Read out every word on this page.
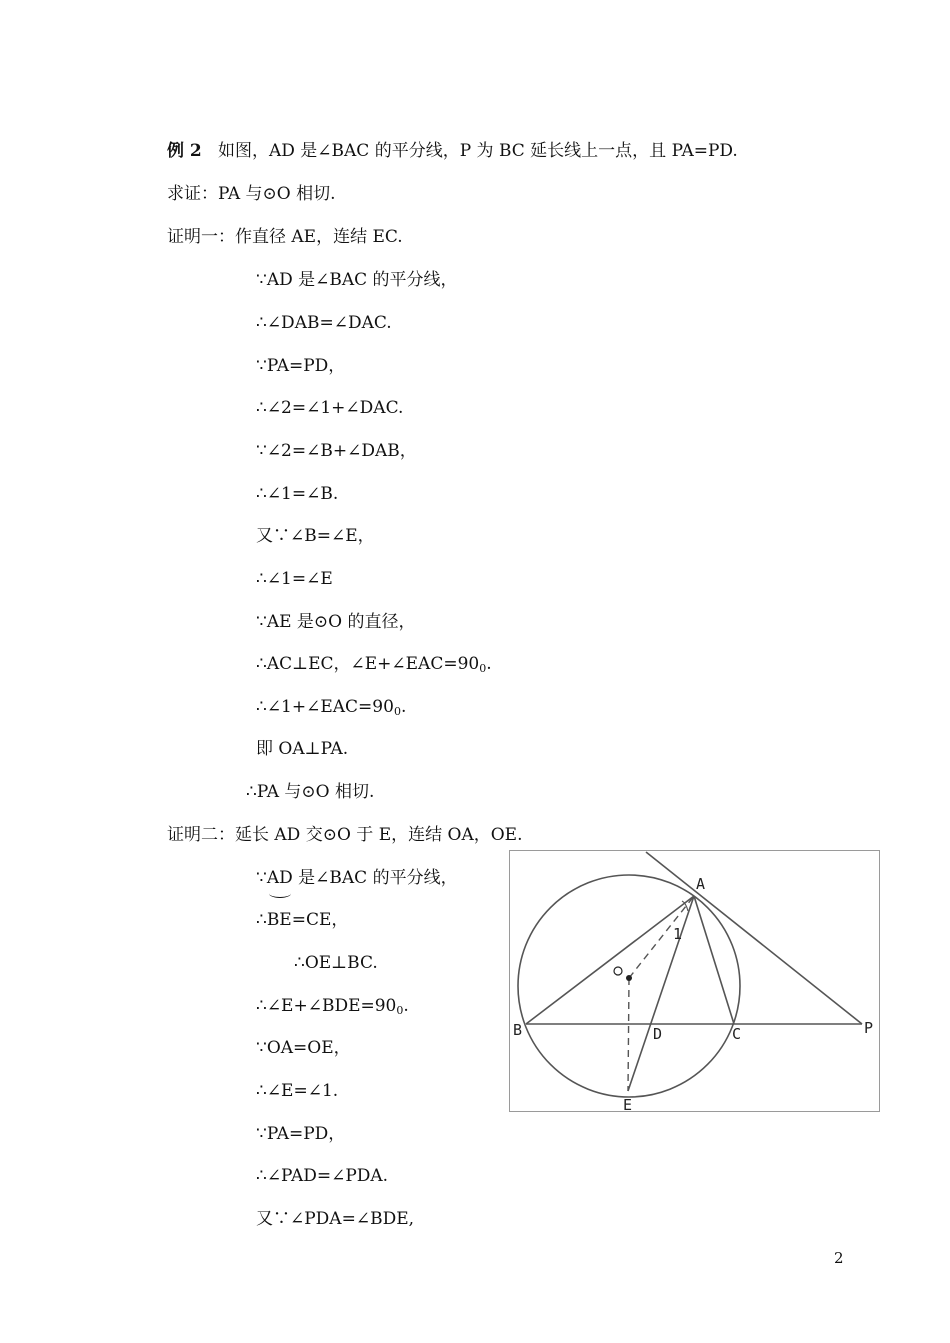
例 2 如图，AD 是∠BAC 的平分线，P 为 BC 延长线上一点，且 PA=PD.
求证：PA 与⊙O 相切.
证明一：作直径 AE，连结 EC.
∵AD 是∠BAC 的平分线，
∴∠DAB=∠DAC.
∵PA=PD，
∴∠2=∠1+∠DAC.
∵∠2=∠B+∠DAB，
∴∠1=∠B.
又∵∠B=∠E，
∴∠1=∠E
∵AE 是⊙O 的直径，
∴AC⊥EC，∠E+∠EAC=900.
∴∠1+∠EAC=900.
即 OA⊥PA.
∴PA 与⊙O 相切.
证明二：延长 AD 交⊙O 于 E，连结 OA，OE.
∵AD 是∠BAC 的平分线，
∴BE=CE，
∴OE⊥BC.
∴∠E+∠BDE=900.
∵OA=OE，
∴∠E=∠1.
∵PA=PD，
∴∠PAD=∠PDA.
又∵∠PDA=∠BDE,
A
B	C
D
E
P
1
2
